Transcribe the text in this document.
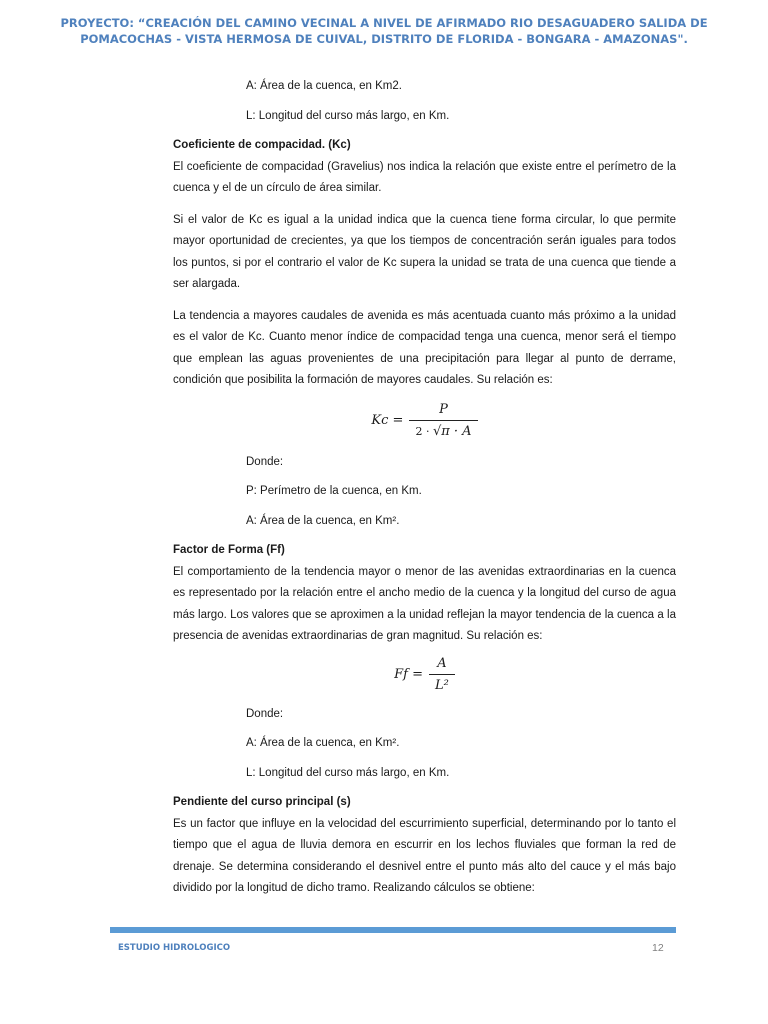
PROYECTO: “CREACIÓN DEL CAMINO VECINAL A NIVEL DE AFIRMADO RIO DESAGUADERO SALIDA DE
POMACOCHAS - VISTA HERMOSA DE CUIVAL, DISTRITO DE FLORIDA - BONGARA - AMAZONAS".

A: Área de la cuenca, en Km2.

L: Longitud del curso más largo, en Km.

Coeficiente de compacidad. (Kc)

El coeficiente de compacidad (Gravelius) nos indica la relación que existe entre el perímetro de la cuenca y el de un círculo de área similar.

Si el valor de Kc es igual a la unidad indica que la cuenca tiene forma circular, lo que permite mayor oportunidad de crecientes, ya que los tiempos de concentración serán iguales para todos los puntos, si por el contrario el valor de Kc supera la unidad se trata de una cuenca que tiende a ser alargada.

La tendencia a mayores caudales de avenida es más acentuada cuanto más próximo a la unidad es el valor de Kc. Cuanto menor índice de compacidad tenga una cuenca, menor será el tiempo que emplean las aguas provenientes de una precipitación para llegar al punto de derrame, condición que posibilita la formación de mayores caudales. Su relación es:

$Kc = \frac{P}{2 \cdot √\pi \cdot A}$

Donde:

P: Perímetro de la cuenca, en Km.

A: Área de la cuenca, en Km².

Factor de Forma (Ff)

El comportamiento de la tendencia mayor o menor de las avenidas extraordinarias en la cuenca es representado por la relación entre el ancho medio de la cuenca y la longitud del curso de agua más largo. Los valores que se aproximen a la unidad reflejan la mayor tendencia de la cuenca a la presencia de avenidas extraordinarias de gran magnitud. Su relación es:

$Ff = \frac{A}{\text{L²}}$

Donde:

A: Área de la cuenca, en Km².

L: Longitud del curso más largo, en Km.

Pendiente del curso principal (s)

Es un factor que influye en la velocidad del escurrimiento superficial, determinando por lo tanto el tiempo que el agua de lluvia demora en escurrir en los lechos fluviales que forman la red de drenaje. Se determina considerando el desnivel entre el punto más alto del cauce y el más bajo dividido por la longitud de dicho tramo. Realizando cálculos se obtiene:

ESTUDIO HIDROLOGICO	12
